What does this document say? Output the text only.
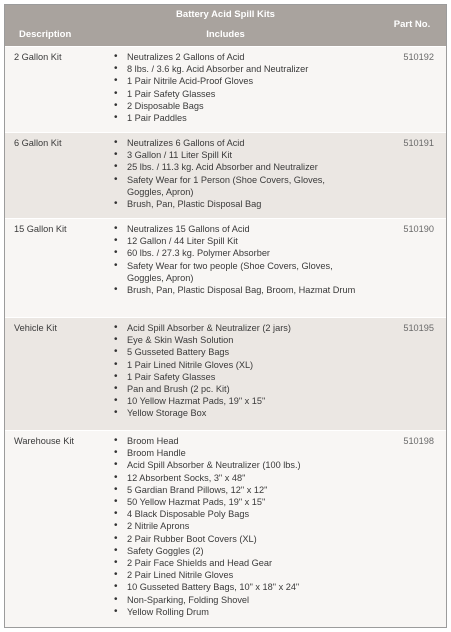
Battery Acid Spill Kits
Description	Includes
Part No.
2 Gallon Kit	• Neutralizes 2 Gallons of Acid
• 8 lbs. / 3.6 kg. Acid Absorber and Neutralizer
• 1 Pair Nitrile Acid-Proof Gloves
• 1 Pair Safety Glasses
• 2 Disposable Bags
• 1 Pair Paddles
510192
6 Gallon Kit	• Neutralizes 6 Gallons of Acid
• 3 Gallon / 11 Liter Spill Kit
• 25 lbs. / 11.3 kg. Acid Absorber and Neutralizer
• Safety Wear for 1 Person (Shoe Covers, Gloves, Goggles, Apron)
• Brush, Pan, Plastic Disposal Bag
510191
15 Gallon Kit	• Neutralizes 15 Gallons of Acid
• 12 Gallon / 44 Liter Spill Kit
• 60 lbs. / 27.3 kg. Polymer Absorber
• Safety Wear for two people (Shoe Covers, Gloves, Goggles, Apron)
• Brush, Pan, Plastic Disposal Bag, Broom, Hazmat Drum
510190
Vehicle Kit	• Acid Spill Absorber & Neutralizer (2 jars)
• Eye & Skin Wash Solution
• 5 Gusseted Battery Bags
• 1 Pair Lined Nitrile Gloves (XL)
• 1 Pair Safety Glasses
• Pan and Brush (2 pc. Kit)
• 10 Yellow Hazmat Pads, 19" x 15"
• Yellow Storage Box
510195
Warehouse Kit	• Broom Head
• Broom Handle
• Acid Spill Absorber & Neutralizer (100 lbs.)
• 12 Absorbent Socks, 3" x 48"
• 5 Gardian Brand Pillows, 12" x 12"
• 50 Yellow Hazmat Pads, 19" x 15"
• 4 Black Disposable Poly Bags
• 2 Nitrile Aprons
• 2 Pair Rubber Boot Covers (XL)
• Safety Goggles (2)
• 2 Pair Face Shields and Head Gear
• 2 Pair Lined Nitrile Gloves
• 10 Gusseted Battery Bags, 10" x 18" x 24"
• Non-Sparking, Folding Shovel
• Yellow Rolling Drum
510198
